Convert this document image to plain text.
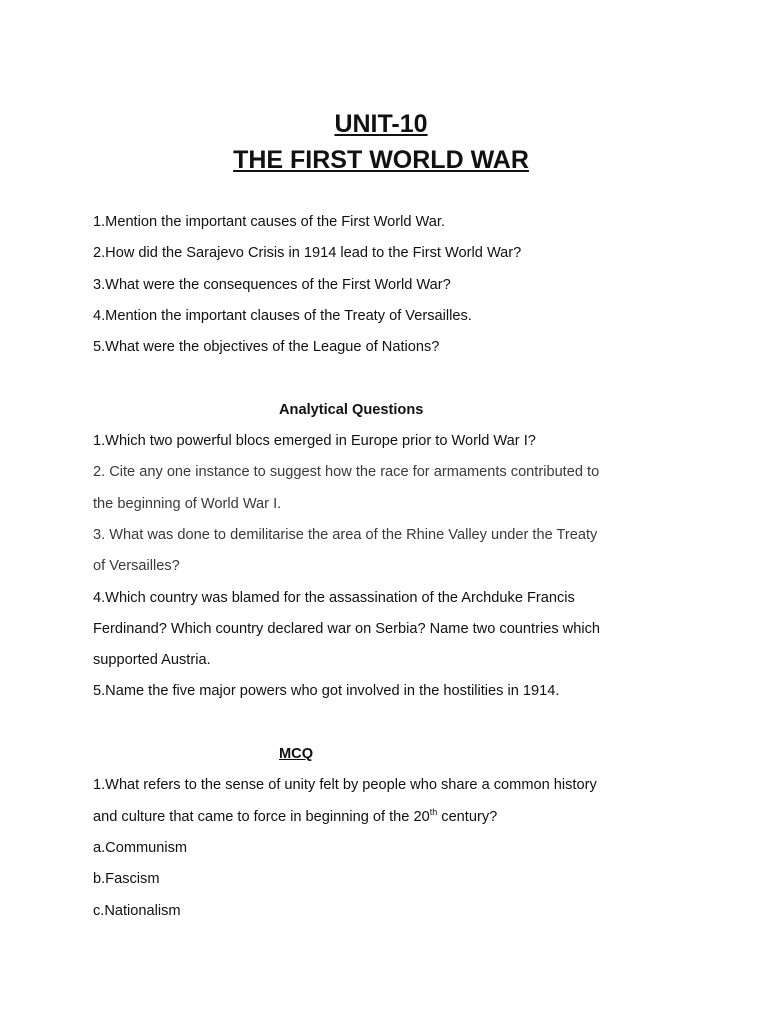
UNIT-10
THE FIRST WORLD WAR
1.Mention the important causes of the First World War.
2.How did the Sarajevo Crisis in 1914 lead to the First World War?
3.What were the consequences of the First World War?
4.Mention the important clauses of the Treaty of Versailles.
5.What were the objectives of the League of Nations?
Analytical Questions
1.Which two powerful blocs emerged in Europe prior to World War I?
2. Cite any one instance to suggest how the race for armaments contributed to
the beginning of World War I.
3. What was done to demilitarise the area of the Rhine Valley under the Treaty
of Versailles?
4.Which country was blamed for the assassination of the Archduke Francis
Ferdinand? Which country declared war on Serbia? Name two countries which
supported Austria.
5.Name the five major powers who got involved in the hostilities in 1914.
MCQ
1.What refers to the sense of unity felt by people who share a common history
and culture that came to force in beginning of the 20th century?
a.Communism
b.Fascism
c.Nationalism
